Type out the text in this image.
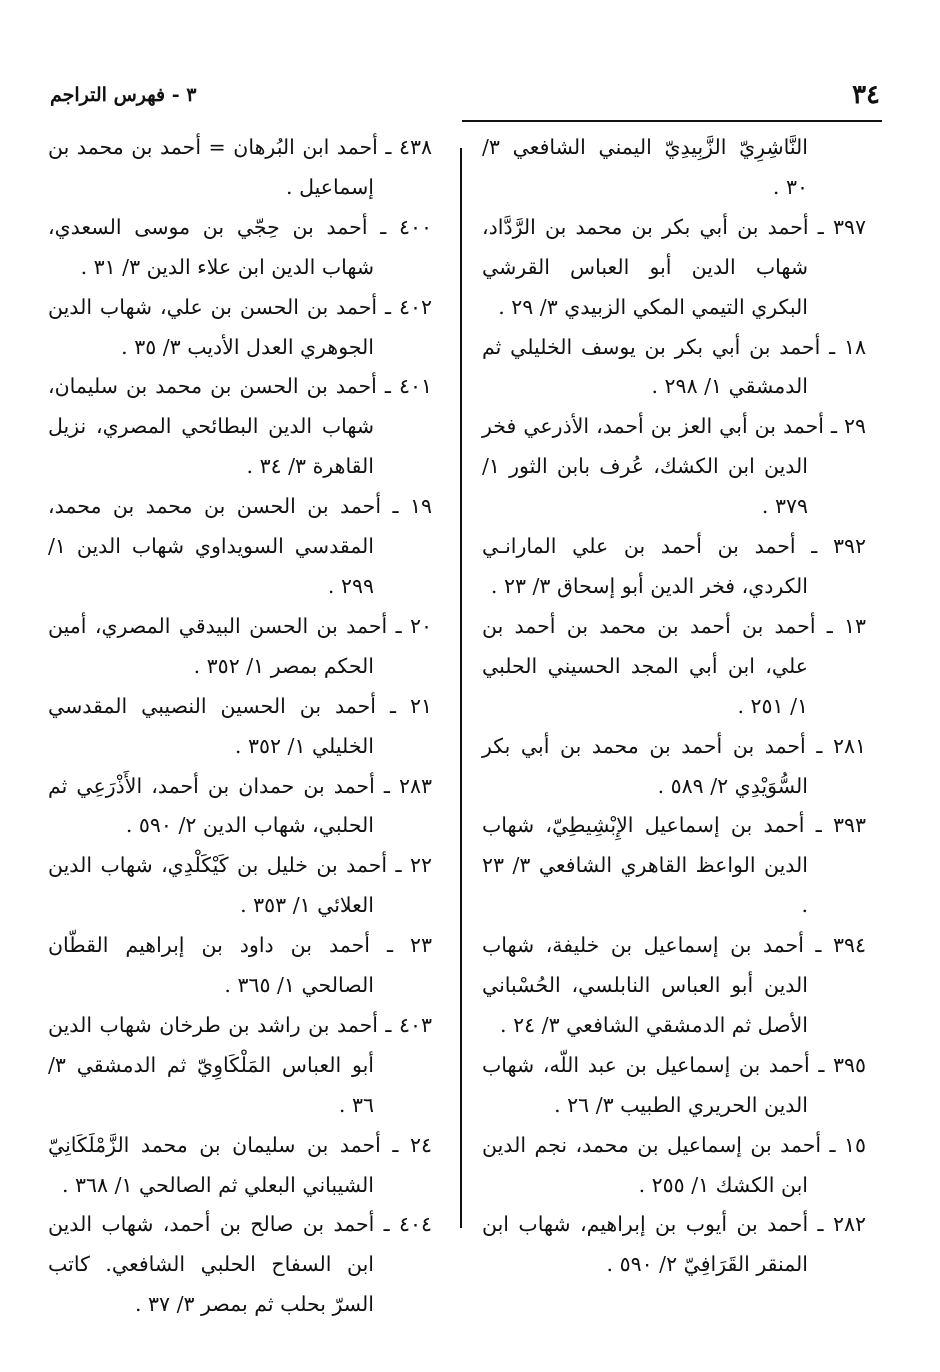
٣٤
٣ - فهرس التراجم

النَّاشِرِيّ الزَّبِيدِيّ اليمني الشافعي ٣/ ٣٠ .

٣٩٧ ـ أحمد بن أبي بكر بن محمد بن الرَّدَّاد، شهاب الدين أبو العباس القرشي البكري التيمي المكي الزبيدي ٣/ ٢٩ .

١٨ ـ أحمد بن أبي بكر بن يوسف الخليلي ثم الدمشقي ١/ ٢٩٨ .

٢٩ ـ أحمد بن أبي العز بن أحمد، الأذرعي فخر الدين ابن الكشك، عُرف بابن الثور ١/ ٣٧٩ .

٣٩٢ ـ أحمد بن أحمد بن علي المارانـي الكردي، فخر الدين أبو إسحاق ٣/ ٢٣ .

١٣ ـ أحمد بن أحمد بن محمد بن أحمد بن علي، ابن أبي المجد الحسيني الحلبي ١/ ٢٥١ .

٢٨١ ـ أحمد بن أحمد بن محمد بن أبي بكر السُّوَيْدِي ٢/ ٥٨٩ .

٣٩٣ ـ أحمد بن إسماعيل الإِبْشِيطِيّ، شهاب الدين الواعظ القاهري الشافعي ٣/ ٢٣ .

٣٩٤ ـ أحمد بن إسماعيل بن خليفة، شهاب الدين أبو العباس النابلسي، الحُسْباني الأصل ثم الدمشقي الشافعي ٣/ ٢٤ .

٣٩٥ ـ أحمد بن إسماعيل بن عبد اللّه، شهاب الدين الحريري الطبيب ٣/ ٢٦ .

١٥ ـ أحمد بن إسماعيل بن محمد، نجم الدين ابن الكشك ١/ ٢٥٥ .

٢٨٢ ـ أحمد بن أيوب بن إبراهيم، شهاب ابن المنقر القَرَافِيّ ٢/ ٥٩٠ .

٤٣٨ ـ أحمد ابن البُرهان = أحمد بن محمد بن إسماعيل .

٤٠٠ ـ أحمد بن حِجّي بن موسى السعدي، شهاب الدين ابن علاء الدين ٣/ ٣١ .

٤٠٢ ـ أحمد بن الحسن بن علي، شهاب الدين الجوهري العدل الأديب ٣/ ٣٥ .

٤٠١ ـ أحمد بن الحسن بن محمد بن سليمان، شهاب الدين البطائحي المصري، نزيل القاهرة ٣/ ٣٤ .

١٩ ـ أحمد بن الحسن بن محمد بن محمد، المقدسي السويداوي شهاب الدين ١/ ٢٩٩ .

٢٠ ـ أحمد بن الحسن البيدقي المصري، أمين الحكم بمصر ١/ ٣٥٢ .

٢١ ـ أحمد بن الحسين النصيبي المقدسي الخليلي ١/ ٣٥٢ .

٢٨٣ ـ أحمد بن حمدان بن أحمد، الأَذْرَعِي ثم الحلبي، شهاب الدين ٢/ ٥٩٠ .

٢٢ ـ أحمد بن خليل بن كَيْكَلْدِي، شهاب الدين العلائي ١/ ٣٥٣ .

٢٣ ـ أحمد بن داود بن إبراهيم القطّان الصالحي ١/ ٣٦٥ .

٤٠٣ ـ أحمد بن راشد بن طرخان شهاب الدين أبو العباس المَلْكَاوِيّ ثم الدمشقي ٣/ ٣٦ .

٢٤ ـ أحمد بن سليمان بن محمد الزَّمْلَكَانِيّ الشيباني البعلي ثم الصالحي ١/ ٣٦٨ .

٤٠٤ ـ أحمد بن صالح بن أحمد، شهاب الدين ابن السفاح الحلبي الشافعي. كاتب السرّ بحلب ثم بمصر ٣/ ٣٧ .
